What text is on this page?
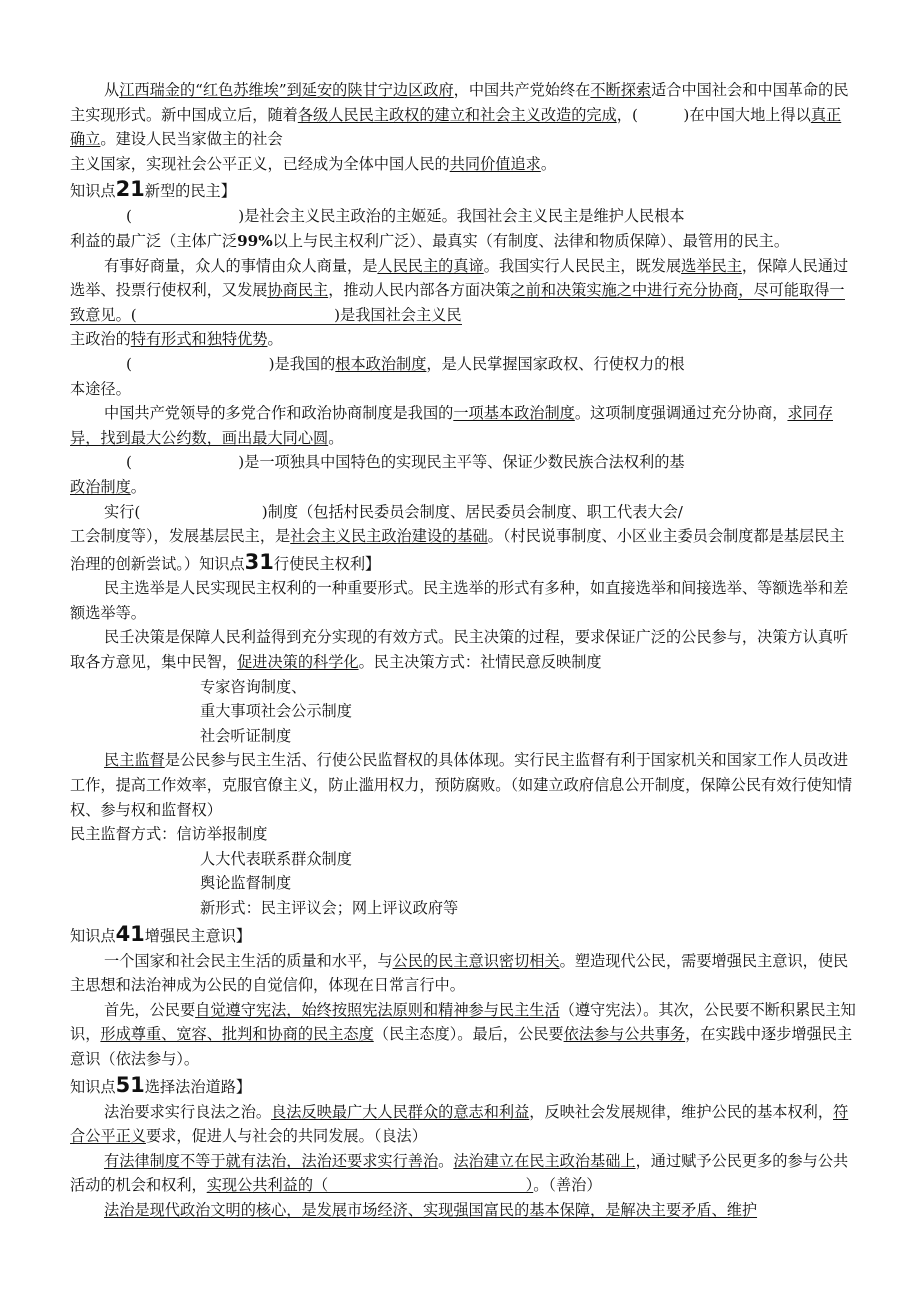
从江西瑞金的“红色苏维埃”到延安的陕甘宁边区政府，中国共产党始终在不断探索适合中国社会和中国革命的民主实现形式。新中国成立后，随着各级人民民主政权的建立和社会主义改造的完成，(　　　)在中国大地上得以真正确立。建设人民当家做主的社会

主义国家，实现社会公平正义，已经成为全体中国人民的共同价值追求。

知识点21新型的民主】

(　　　　　　　)是社会主义民主政治的主姬延。我国社会主义民主是维护人民根本

利益的最广泛（主体广泛99%以上与民主权利广泛）、最真实（有制度、法律和物质保障）、最管用的民主。

有事好商量，众人的事情由众人商量，是人民民主的真谛。我国实行人民民主，既发展选举民主，保障人民通过选举、投票行使权利，又发展协商民主，推动人民内部各方面决策之前和决策实施之中进行充分协商，尽可能取得一致意见。(　　　　　　　　　　　　　)是我国社会主义民

主政治的特有形式和独特优势。

(　　　　　　　　　)是我国的根本政治制度，是人民掌握国家政权、行使权力的根

本途径。

中国共产党领导的多党合作和政治协商制度是我国的一项基本政治制度。这项制度强调通过充分协商，求同存异，找到最大公约数，画出最大同心圆。

(　　　　　　　)是一项独具中国特色的实现民主平等、保证少数民族合法权利的基

政治制度。

实行(　　　　　　　　)制度（包括村民委员会制度、居民委员会制度、职工代表大会/

工会制度等），发展基层民主，是社会主义民主政治建设的基础。（村民说事制度、小区业主委员会制度都是基层民主治理的创新尝试。）知识点31行使民主权利】

民主选举是人民实现民主权利的一种重要形式。民主选举的形式有多种，如直接选举和间接选举、等额选举和差额选举等。

民壬决策是保障人民利益得到充分实现的有效方式。民主决策的过程，要求保证广泛的公民参与，决策方认真听取各方意见，集中民智，促进决策的科学化。民主决策方式：社情民意反映制度

专家咨询制度、

重大事项社会公示制度

社会听证制度

民主监督是公民参与民主生活、行使公民监督权的具体体现。实行民主监督有利于国家机关和国家工作人员改进工作，提高工作效率，克服官僚主义，防止滥用权力，预防腐败。（如建立政府信息公开制度，保障公民有效行使知情权、参与权和监督权）

民主监督方式：信访举报制度

人大代表联系群众制度

舆论监督制度

新形式：民主评议会；网上评议政府等

知识点41增强民主意识】

一个国家和社会民主生活的质量和水平，与公民的民主意识密切相关。塑造现代公民，需要增强民主意识，使民主思想和法治神成为公民的自觉信仰，体现在日常言行中。

首先，公民要自觉遵守宪法，始终按照宪法原则和精神参与民主生活（遵守宪法）。其次，公民要不断积累民主知识，形成尊重、宽容、批判和协商的民主态度（民主态度）。最后，公民要依法参与公共事务，在实践中逐步增强民主意识（依法参与）。

知识点51选择法治道路】

法治要求实行良法之治。良法反映最广大人民群众的意志和利益，反映社会发展规律，维护公民的基本权利，符合公平正义要求，促进人与社会的共同发展。（良法）

有法律制度不等于就有法治，法治还要求实行善治。法治建立在民主政治基础上，通过赋予公民更多的参与公共活动的机会和权利，实现公共利益的（　　　　　　　　　　　　　）。（善治）

法治是现代政治文明的核心，是发展市场经济、实现强国富民的基本保障，是解决主要矛盾、维护
